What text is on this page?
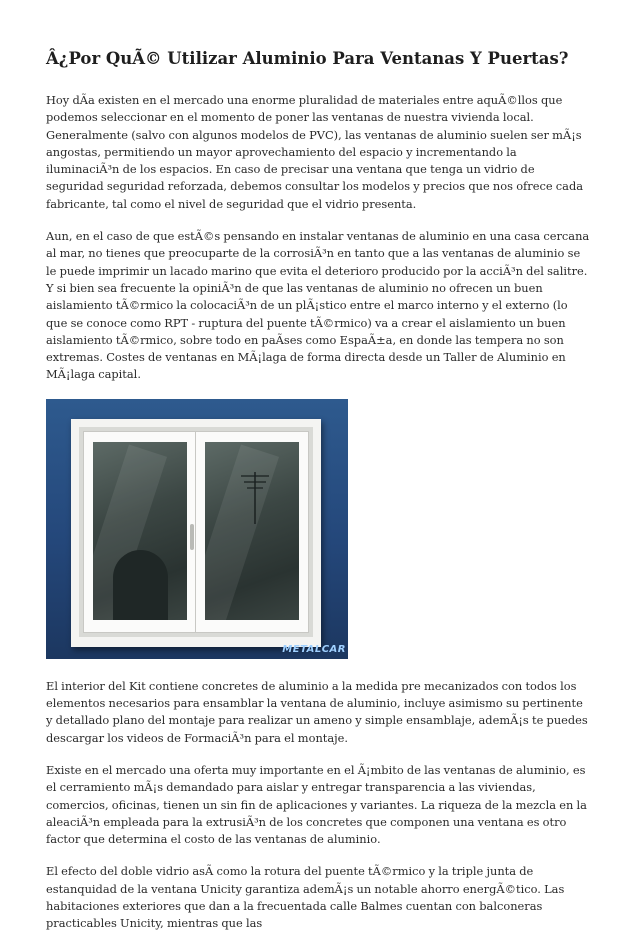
Â¿Por QuÃ© Utilizar Aluminio Para Ventanas Y Puertas?

Hoy dÃa existen en el mercado una enorme pluralidad de materiales entre aquÃ©llos que podemos seleccionar en el momento de poner las ventanas de nuestra vivienda local. Generalmente (salvo con algunos modelos de PVC), las ventanas de aluminio suelen ser mÃ¡s angostas, permitiendo un mayor aprovechamiento del espacio y incrementando la iluminaciÃ³n de los espacios. En caso de precisar una ventana que tenga un vidrio de seguridad seguridad reforzada, debemos consultar los modelos y precios que nos ofrece cada fabricante, tal como el nivel de seguridad que el vidrio presenta.

Aun, en el caso de que estÃ©s pensando en instalar ventanas de aluminio en una casa cercana al mar, no tienes que preocuparte de la corrosiÃ³n en tanto que a las ventanas de aluminio se le puede imprimir un lacado marino que evita el deterioro producido por la acciÃ³n del salitre. Y si bien sea frecuente la opiniÃ³n de que las ventanas de aluminio no ofrecen un buen aislamiento tÃ©rmico la colocaciÃ³n de un plÃ¡stico entre el marco interno y el externo (lo que se conoce como RPT - ruptura del puente tÃ©rmico) va a crear el aislamiento un buen aislamiento tÃ©rmico, sobre todo en paÃses como EspaÃ±a, en donde las tempera no son extremas. Costes de ventanas en MÃ¡laga de forma directa desde un Taller de Aluminio en MÃ¡laga capital.

METALCAR

El interior del Kit contiene concretes de aluminio a la medida pre mecanizados con todos los elementos necesarios para ensamblar la ventana de aluminio, incluye asimismo su pertinente y detallado plano del montaje para realizar un ameno y simple ensamblaje, ademÃ¡s te puedes descargar los videos de FormaciÃ³n para el montaje.

Existe en el mercado una oferta muy importante en el Ã¡mbito de las ventanas de aluminio, es el cerramiento mÃ¡s demandado para aislar y entregar transparencia a las viviendas, comercios, oficinas, tienen un sin fin de aplicaciones y variantes. La riqueza de la mezcla en la aleaciÃ³n empleada para la extrusiÃ³n de los concretes que componen una ventana es otro factor que determina el costo de las ventanas de aluminio.

El efecto del doble vidrio asÃ como la rotura del puente tÃ©rmico y la triple junta de estanquidad de la ventana Unicity garantiza ademÃ¡s un notable ahorro energÃ©tico. Las habitaciones exteriores que dan a la frecuentada calle Balmes cuentan con balconeras practicables Unicity, mientras que las
